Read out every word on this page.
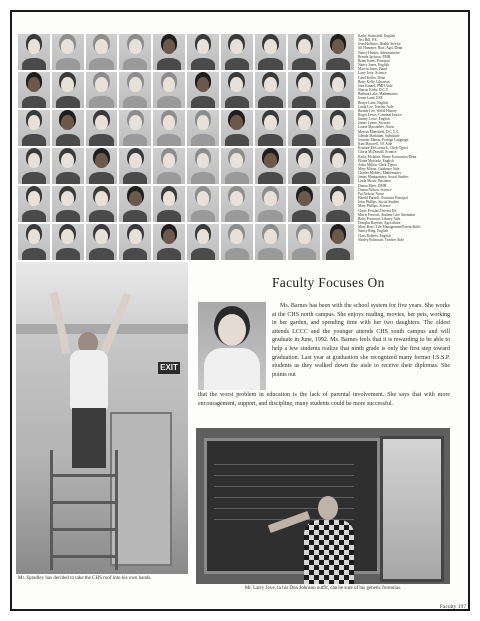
Kathy Strausfeld, English
Teri Hill, P.E.
Jean Hollister, Health Service
Jill Hummer, Hort./Agri./Dean
Nancy Hunter, Administrator
Brenda Jackson, PMH
Brian Jones, Principal
Nancy Jones, English
Marvin Jones, Band
Larry Jove, Science
Carol Keller, Dean
Betty Kelly, Librarian
Jane Kinard, PMH Aide
Sharon Kirby, D.C.T.
Barbara Lake, Mathematics
Jenne Land, ESE
Bettye Lane, English
Linda Lee, Teacher Aide
Bonnie Lee, World History
Roger Lewis, Criminal Justice
Jimmy Lowe, English
James Lynne, Security
Laurie Macomber, Nurse
Marcus Mansfield, D.C.T./C.
Glenda Markham, Substitute
Jennifer Martin, Foreign Language
Kim Maxwell, VE Aide
Kristine McCormick, Clerk-Typist
Gloria McDonald, Science
Kathy McIntire, Home Economics/Dean
Elaine Mercado, English
Anita Millon, Clerk-Typist
Mary Mixon, Guidance Aide
Charles Mobley, Mathematics
James Montgomery, Social Studies
Linda Moser, Business
Donna Myer, DMH
Donna Nelson, Science
Pat Nelson, Nurse
Harold Parnell, Assistant Principal
John Phillips, Social Studies
Mary Phillips, Science
Claire Powder, Drivers Ed.
Mavis Prescott, Student Care Attendant
Betty Provence, Library Aide
Douglas Rayeser, Agriculture
Mary Rose, Life Management/Parent Skills
Nancy Ring, English
Clara Roberts, English
Shirley Robinson, Teacher Aide
EXIT
Mr. Spradley has decided to take the CHS roof into his own hands.
Faculty Focuses On
Ms. Barnes has been with the school system for five years. She works at the CHS north campus. She enjoys reading, movies, her pets, working in her garden, and spending time with her two daughters. The oldest attends LCCC and the younger attends CHS south campus and will graduate in June, 1992. Ms. Barnes feels that it is rewarding to be able to help a few students realize that ninth grade is only the first step toward graduation. Last year at graduation she recognized many former I.S.S.P. students as they walked down the aisle to receive their diplomas. She points out
that the worst problem in education is the lack of parental involvement. She says that with more encouragement, support, and discipline, many students could be more successful.
Mr. Larry Jove, in his Don Johnson outfit, can be sure of his genetic formulas.
Faculty 197
